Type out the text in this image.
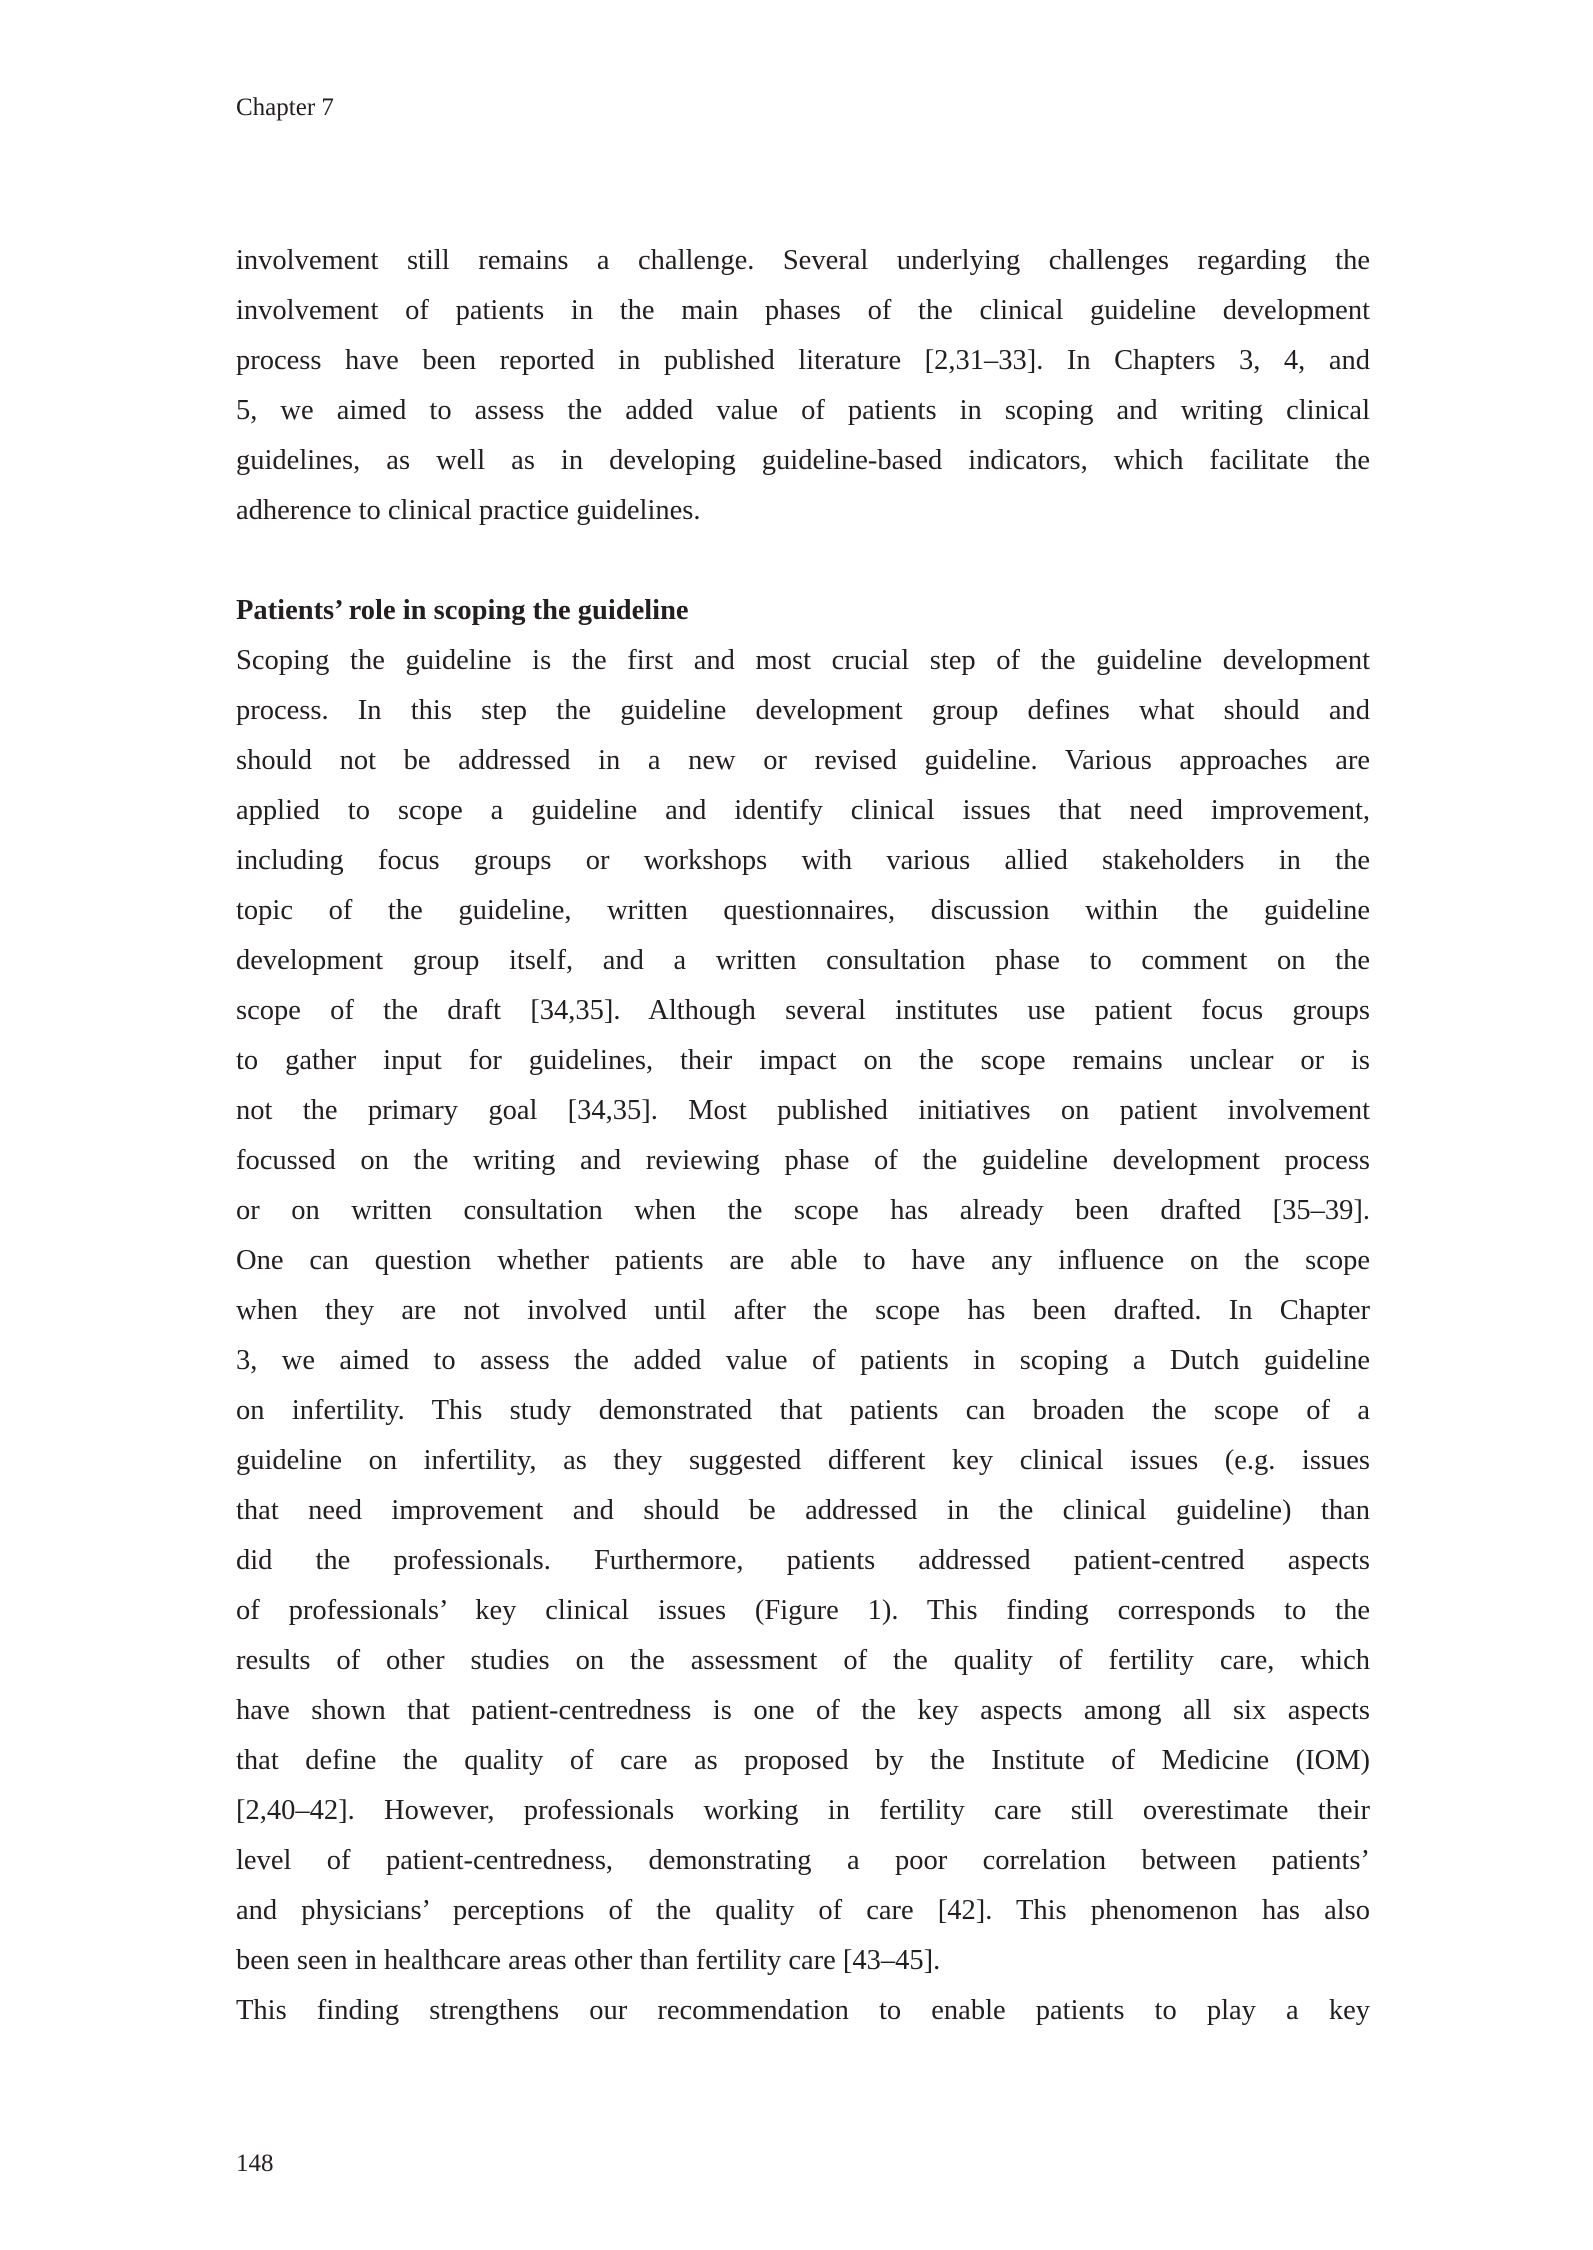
Chapter 7
involvement still remains a challenge. Several underlying challenges regarding the
involvement of patients in the main phases of the clinical guideline development
process have been reported in published literature [2,31–33]. In Chapters 3, 4, and
5, we aimed to assess the added value of patients in scoping and writing clinical
guidelines, as well as in developing guideline-based indicators, which facilitate the
adherence to clinical practice guidelines.
Patients’ role in scoping the guideline
Scoping the guideline is the first and most crucial step of the guideline development
process. In this step the guideline development group defines what should and
should not be addressed in a new or revised guideline. Various approaches are
applied to scope a guideline and identify clinical issues that need improvement,
including focus groups or workshops with various allied stakeholders in the
topic of the guideline, written questionnaires, discussion within the guideline
development group itself, and a written consultation phase to comment on the
scope of the draft [34,35]. Although several institutes use patient focus groups
to gather input for guidelines, their impact on the scope remains unclear or is
not the primary goal [34,35]. Most published initiatives on patient involvement
focussed on the writing and reviewing phase of the guideline development process
or on written consultation when the scope has already been drafted [35–39].
One can question whether patients are able to have any influence on the scope
when they are not involved until after the scope has been drafted. In Chapter
3, we aimed to assess the added value of patients in scoping a Dutch guideline
on infertility. This study demonstrated that patients can broaden the scope of a
guideline on infertility, as they suggested different key clinical issues (e.g. issues
that need improvement and should be addressed in the clinical guideline) than
did the professionals. Furthermore, patients addressed patient-centred aspects
of professionals’ key clinical issues (Figure 1). This finding corresponds to the
results of other studies on the assessment of the quality of fertility care, which
have shown that patient-centredness is one of the key aspects among all six aspects
that define the quality of care as proposed by the Institute of Medicine (IOM)
[2,40–42]. However, professionals working in fertility care still overestimate their
level of patient-centredness, demonstrating a poor correlation between patients’
and physicians’ perceptions of the quality of care [42]. This phenomenon has also
been seen in healthcare areas other than fertility care [43–45].
This finding strengthens our recommendation to enable patients to play a key
148
